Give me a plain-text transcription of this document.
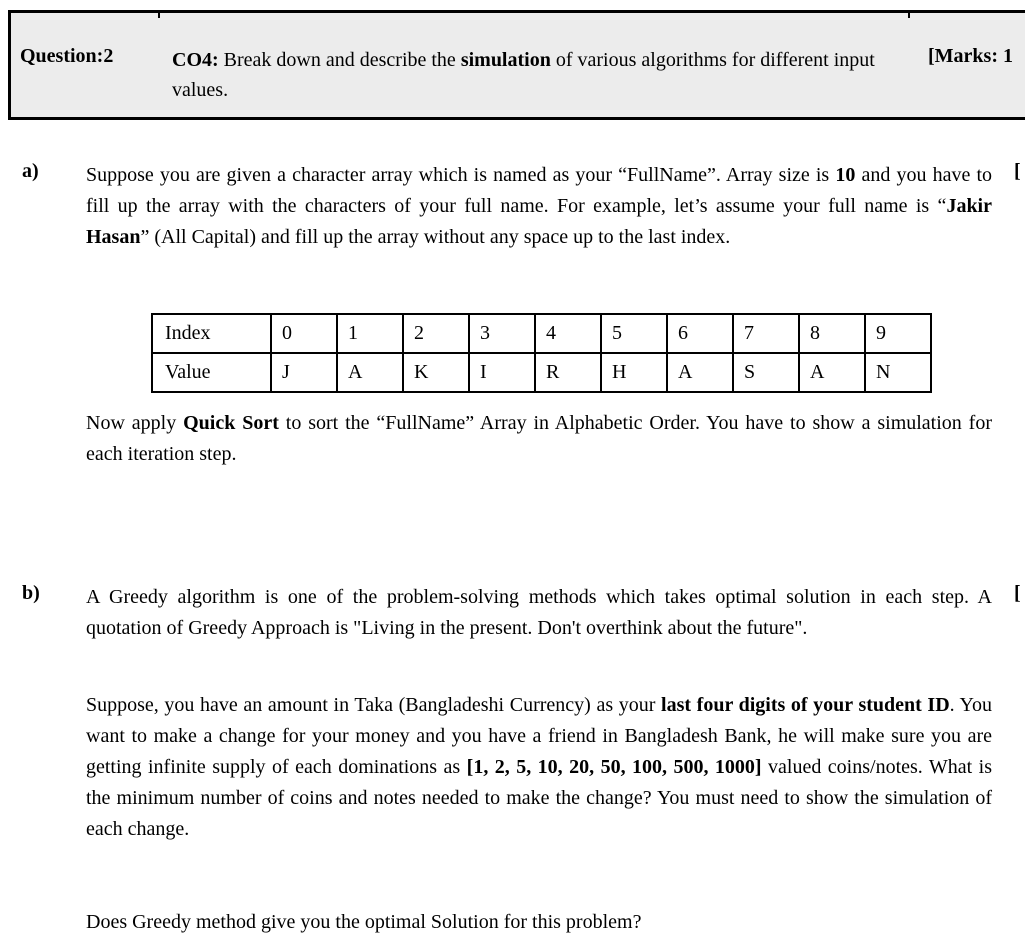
Question:2	CO4: Break down and describe the simulation of various algorithms for different input values.
[Marks: 1
a)	[
Suppose you are given a character array which is named as your “FullName”. Array size is 10 and you have to fill up the array with the characters of your full name. For example, let’s assume your full name is “Jakir Hasan” (All Capital) and fill up the array without any space up to the last index.
Index	0	1	2	3	4	5	6	7	8	9
Value	J	A	K	I	R	H	A	S	A	N
Now apply Quick Sort to sort the “FullName” Array in Alphabetic Order. You have to show a simulation for each iteration step.
b)	[
A Greedy algorithm is one of the problem-solving methods which takes optimal solution in each step. A quotation of Greedy Approach is "Living in the present. Don't overthink about the future".
Suppose, you have an amount in Taka (Bangladeshi Currency) as your last four digits of your student ID. You want to make a change for your money and you have a friend in Bangladesh Bank, he will make sure you are getting infinite supply of each dominations as [1, 2, 5, 10, 20, 50, 100, 500, 1000] valued coins/notes. What is the minimum number of coins and notes needed to make the change? You must need to show the simulation of each change.
Does Greedy method give you the optimal Solution for this problem?
